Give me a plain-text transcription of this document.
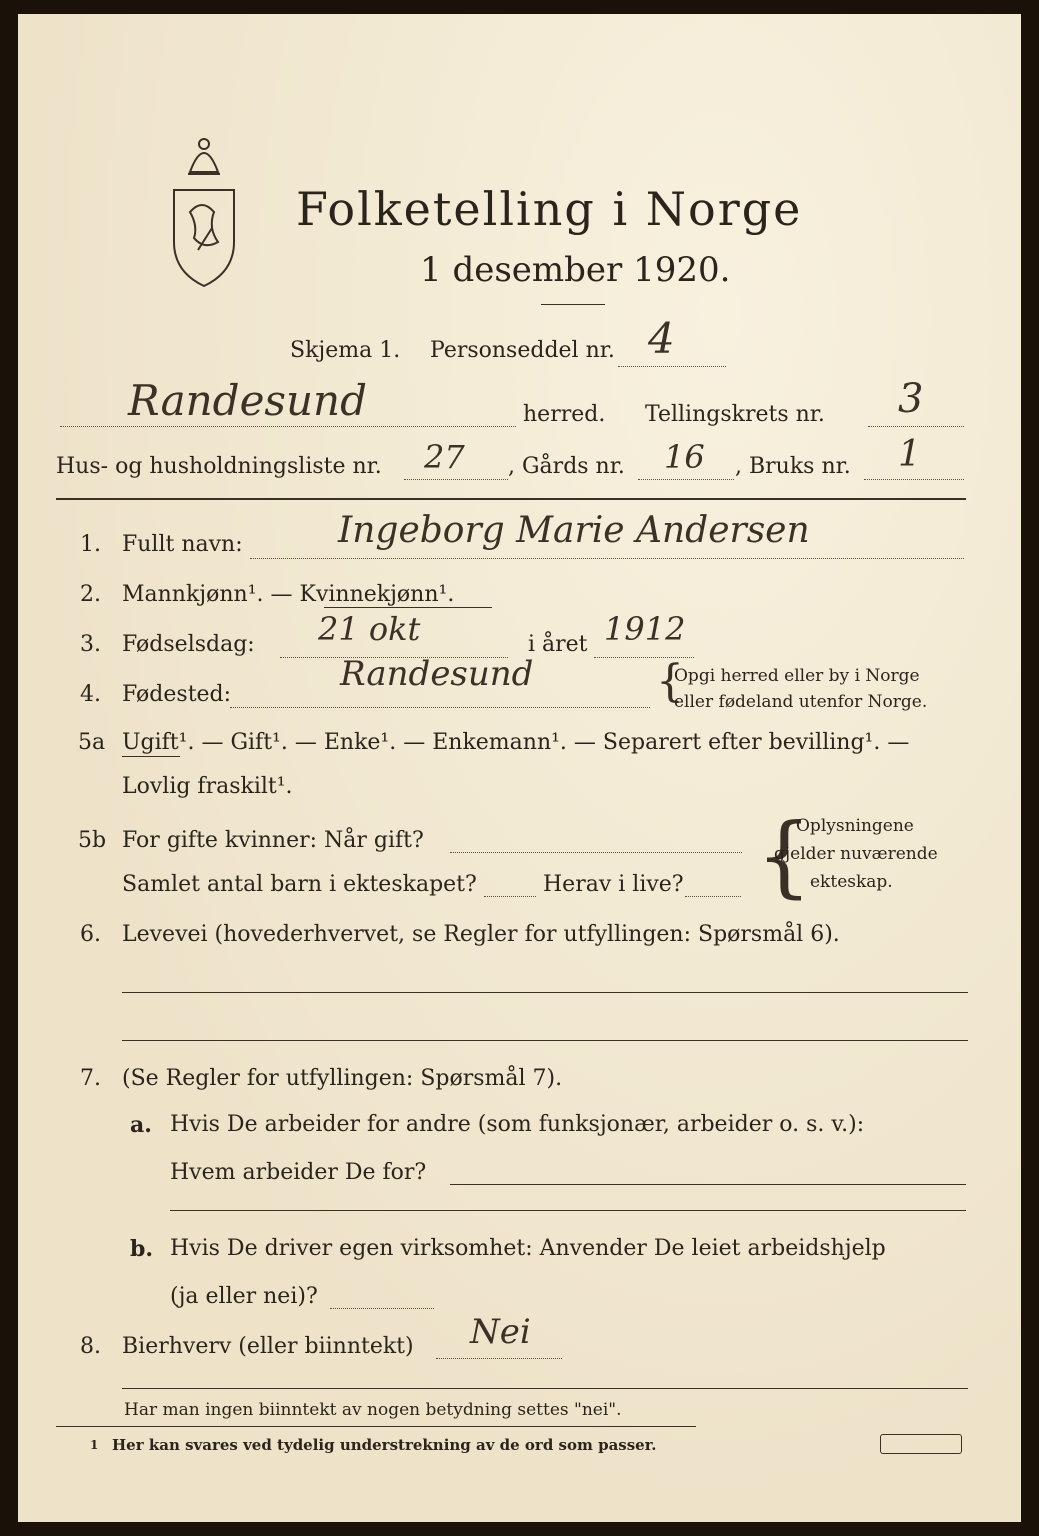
Folketelling i Norge
1 desember 1920.
Skjema 1. Personseddel nr. 4
Randesund	herred. Tellingskrets nr. 3
Hus- og husholdningsliste nr. 27 , Gårds nr. 16 , Bruks nr. 1
1. Fullt navn:	Ingeborg Marie Andersen
2. Mannkjønn¹. — Kvinnekjønn¹.
3. Fødselsdag: 21 okt	i året 1912
4. Fødested:
Randesund	{
Opgi herred eller by i Norge
eller fødeland utenfor Norge.
5a Ugift¹. — Gift¹. — Enke¹. — Enkemann¹. — Separert efter bevilling¹. —
Lovlig fraskilt¹.
5b For gifte kvinner: Når gift?
Samlet antal barn i ekteskapet?	Herav i live? {
Oplysningene
gjelder nuværende
ekteskap.
6. Levevei (hovederhvervet, se Regler for utfyllingen: Spørsmål 6).
7. (Se Regler for utfyllingen: Spørsmål 7).
a. Hvis De arbeider for andre (som funksjonær, arbeider o. s. v.):
Hvem arbeider De for?
b. Hvis De driver egen virksomhet: Anvender De leiet arbeidshjelp
(ja eller nei)?
8. Bierhverv (eller biinntekt) Nei
Har man ingen biinntekt av nogen betydning settes "nei".
1 Her kan svares ved tydelig understrekning av de ord som passer.
